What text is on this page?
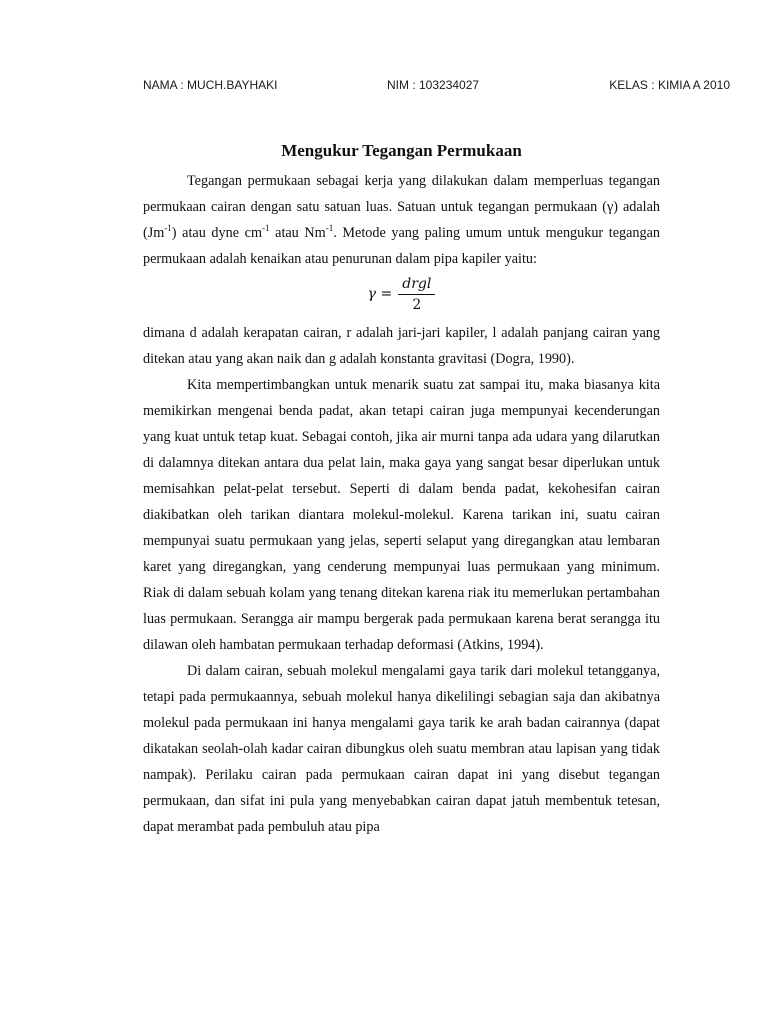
NAMA : MUCH.BAYHAKI	NIM : 103234027	KELAS : KIMIA A 2010
Mengukur Tegangan Permukaan

Tegangan permukaan sebagai kerja yang dilakukan dalam memperluas tegangan permukaan cairan dengan satu satuan luas. Satuan untuk tegangan permukaan (γ) adalah $(Jm^{-1})$ atau dyne $cm^{-1}$ atau $Nm^{-1}$. Metode yang paling umum untuk mengukur tegangan permukaan adalah kenaikan atau penurunan dalam pipa kapiler yaitu:

$\gamma = \frac{\text{drgl}}{2}$

dimana d adalah kerapatan cairan, r adalah jari-jari kapiler, l adalah panjang cairan yang ditekan atau yang akan naik dan g adalah konstanta gravitasi (Dogra, 1990).

Kita mempertimbangkan untuk menarik suatu zat sampai itu, maka biasanya kita memikirkan mengenai benda padat, akan tetapi cairan juga mempunyai kecenderungan yang kuat untuk tetap kuat. Sebagai contoh, jika air murni tanpa ada udara yang dilarutkan di dalamnya ditekan antara dua pelat lain, maka gaya yang sangat besar diperlukan untuk memisahkan pelat-pelat tersebut. Seperti di dalam benda padat, kekohesifan cairan diakibatkan oleh tarikan diantara molekul-molekul. Karena tarikan ini, suatu cairan mempunyai suatu permukaan yang jelas, seperti selaput yang diregangkan atau lembaran karet yang diregangkan, yang cenderung mempunyai luas permukaan yang minimum. Riak di dalam sebuah kolam yang tenang ditekan karena riak itu memerlukan pertambahan luas permukaan. Serangga air mampu bergerak pada permukaan karena berat serangga itu dilawan oleh hambatan permukaan terhadap deformasi (Atkins, 1994).

Di dalam cairan, sebuah molekul mengalami gaya tarik dari molekul tetangganya, tetapi pada permukaannya, sebuah molekul hanya dikelilingi sebagian saja dan akibatnya molekul pada permukaan ini hanya mengalami gaya tarik ke arah badan cairannya (dapat dikatakan seolah-olah kadar cairan dibungkus oleh suatu membran atau lapisan yang tidak nampak). Perilaku cairan pada permukaan cairan dapat ini yang disebut tegangan permukaan, dan sifat ini pula yang menyebabkan cairan dapat jatuh membentuk tetesan, dapat merambat pada pembuluh atau pipa
